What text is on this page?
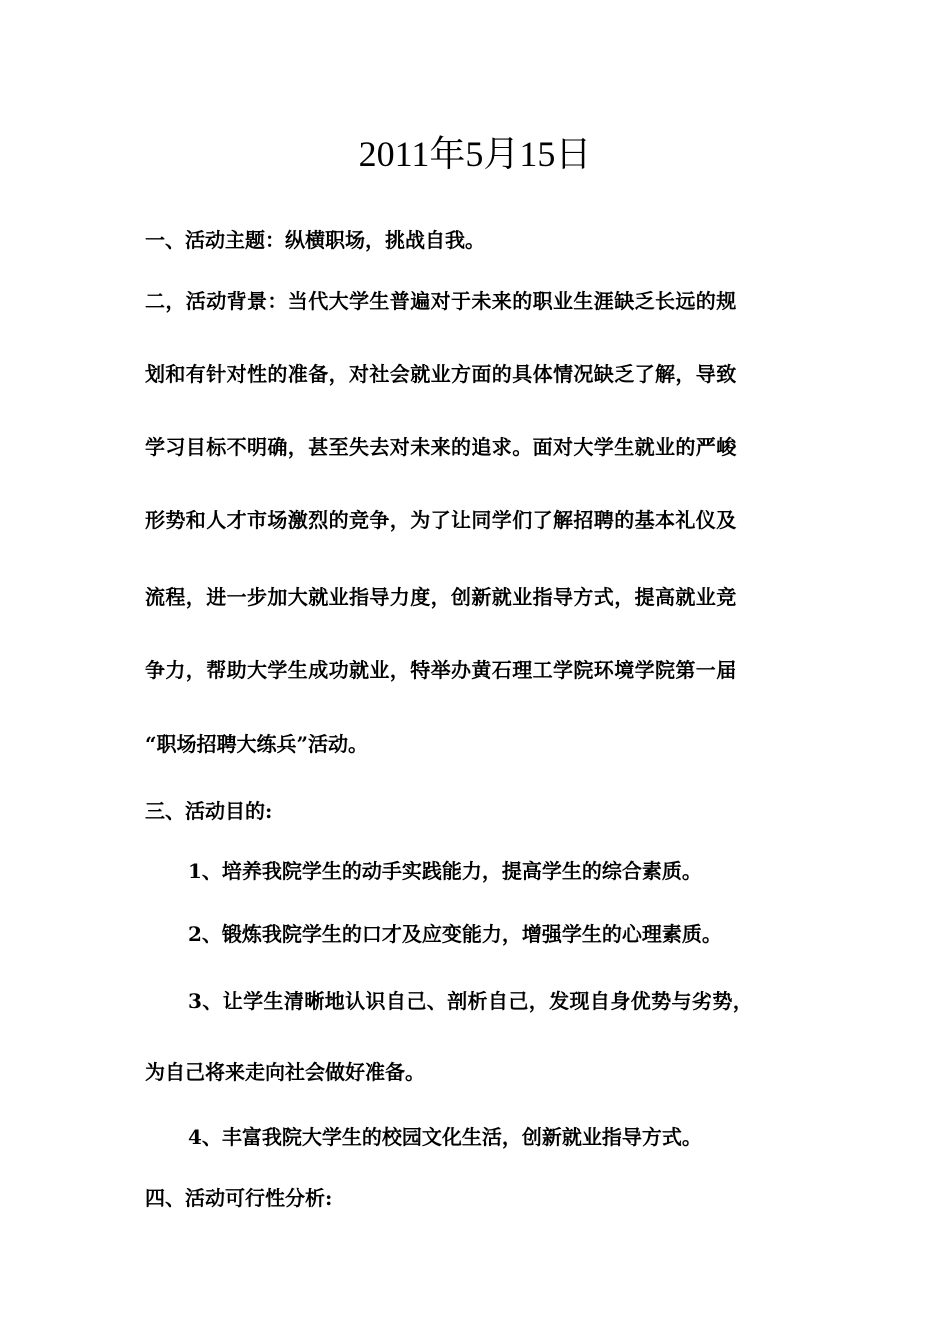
2011年5月15日
一、活动主题：纵横职场，挑战自我。
二，活动背景：当代大学生普遍对于未来的职业生涯缺乏长远的规
划和有针对性的准备，对社会就业方面的具体情况缺乏了解，导致
学习目标不明确，甚至失去对未来的追求。面对大学生就业的严峻
形势和人才市场激烈的竞争，为了让同学们了解招聘的基本礼仪及
流程，进一步加大就业指导力度，创新就业指导方式，提高就业竞
争力，帮助大学生成功就业，特举办黄石理工学院环境学院第一届
“职场招聘大练兵”活动。
三、活动目的:
1、培养我院学生的动手实践能力，提高学生的综合素质。
2、锻炼我院学生的口才及应变能力，增强学生的心理素质。
3、让学生清晰地认识自己、剖析自己，发现自身优势与劣势，
为自己将来走向社会做好准备。
4、丰富我院大学生的校园文化生活，创新就业指导方式。
四、活动可行性分析:
